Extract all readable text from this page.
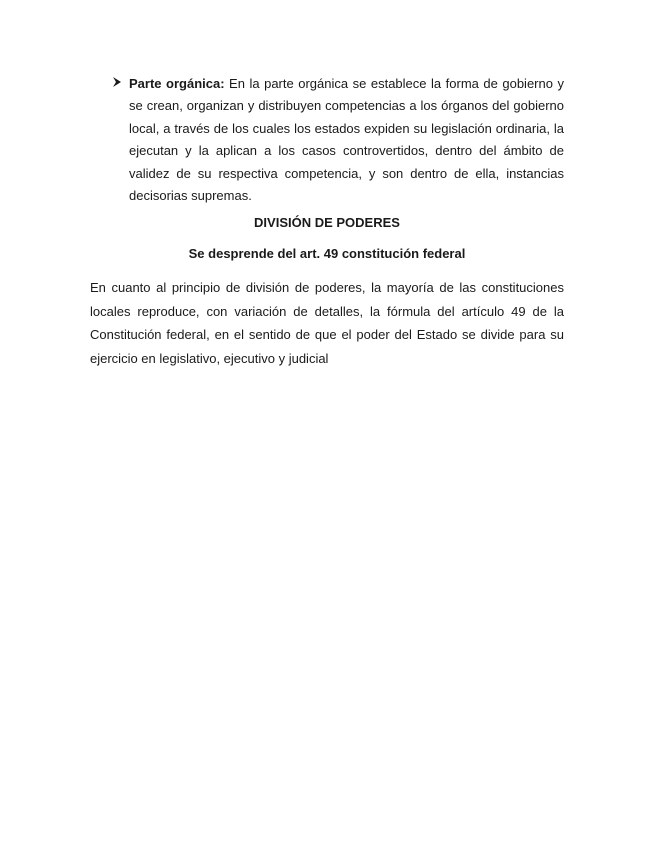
Parte orgánica: En la parte orgánica se establece la forma de gobierno y se crean, organizan y distribuyen competencias a los órganos del gobierno local, a través de los cuales los estados expiden su legislación ordinaria, la ejecutan y la aplican a los casos controvertidos, dentro del ámbito de validez de su respectiva competencia, y son dentro de ella, instancias decisorias supremas.
DIVISIÓN DE PODERES
Se desprende del art. 49 constitución federal

En cuanto al principio de división de poderes, la mayoría de las constituciones locales reproduce, con variación de detalles, la fórmula del artículo 49 de la Constitución federal, en el sentido de que el poder del Estado se divide para su ejercicio en legislativo, ejecutivo y judicial
